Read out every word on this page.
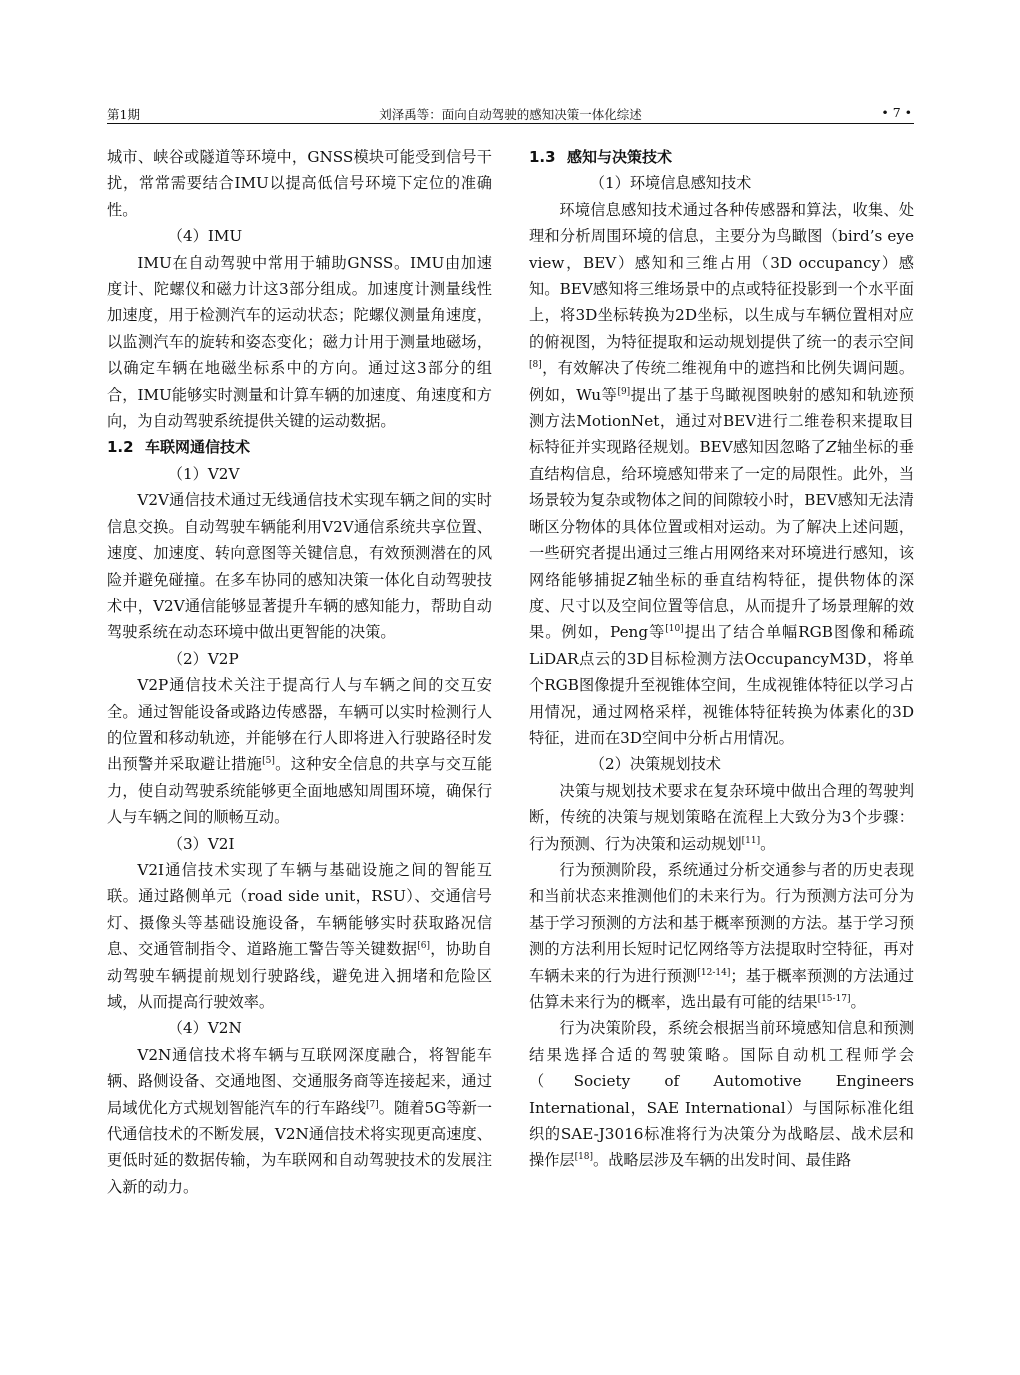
第1期	刘泽禹等：面向自动驾驶的感知决策一体化综述	• 7 •

城市、峡谷或隧道等环境中，GNSS模块可能受到信号干扰，常常需要结合IMU以提高低信号环境下定位的准确性。

（4）IMU

IMU在自动驾驶中常用于辅助GNSS。IMU由加速度计、陀螺仪和磁力计这3部分组成。加速度计测量线性加速度，用于检测汽车的运动状态；陀螺仪测量角速度，以监测汽车的旋转和姿态变化；磁力计用于测量地磁场，以确定车辆在地磁坐标系中的方向。通过这3部分的组合，IMU能够实时测量和计算车辆的加速度、角速度和方向，为自动驾驶系统提供关键的运动数据。

1.2 车联网通信技术

（1）V2V

V2V通信技术通过无线通信技术实现车辆之间的实时信息交换。自动驾驶车辆能利用V2V通信系统共享位置、速度、加速度、转向意图等关键信息，有效预测潜在的风险并避免碰撞。在多车协同的感知决策一体化自动驾驶技术中，V2V通信能够显著提升车辆的感知能力，帮助自动驾驶系统在动态环境中做出更智能的决策。

（2）V2P

V2P通信技术关注于提高行人与车辆之间的交互安全。通过智能设备或路边传感器，车辆可以实时检测行人的位置和移动轨迹，并能够在行人即将进入行驶路径时发出预警并采取避让措施[5]。这种安全信息的共享与交互能力，使自动驾驶系统能够更全面地感知周围环境，确保行人与车辆之间的顺畅互动。

（3）V2I

V2I通信技术实现了车辆与基础设施之间的智能互联。通过路侧单元（road side unit，RSU）、交通信号灯、摄像头等基础设施设备，车辆能够实时获取路况信息、交通管制指令、道路施工警告等关键数据[6]，协助自动驾驶车辆提前规划行驶路线，避免进入拥堵和危险区域，从而提高行驶效率。

（4）V2N

V2N通信技术将车辆与互联网深度融合，将智能车辆、路侧设备、交通地图、交通服务商等连接起来，通过局域优化方式规划智能汽车的行车路线[7]。随着5G等新一代通信技术的不断发展，V2N通信技术将实现更高速度、更低时延的数据传输，为车联网和自动驾驶技术的发展注入新的动力。

1.3 感知与决策技术

（1）环境信息感知技术

环境信息感知技术通过各种传感器和算法，收集、处理和分析周围环境的信息，主要分为鸟瞰图（bird’s eye view，BEV）感知和三维占用（3D occupancy）感知。BEV感知将三维场景中的点或特征投影到一个水平面上，将3D坐标转换为2D坐标，以生成与车辆位置相对应的俯视图，为特征提取和运动规划提供了统一的表示空间[8]，有效解决了传统二维视角中的遮挡和比例失调问题。例如，Wu等[9]提出了基于鸟瞰视图映射的感知和轨迹预测方法MotionNet，通过对BEV进行二维卷积来提取目标特征并实现路径规划。BEV感知因忽略了Z轴坐标的垂直结构信息，给环境感知带来了一定的局限性。此外，当场景较为复杂或物体之间的间隙较小时，BEV感知无法清晰区分物体的具体位置或相对运动。为了解决上述问题，一些研究者提出通过三维占用网络来对环境进行感知，该网络能够捕捉Z轴坐标的垂直结构特征，提供物体的深度、尺寸以及空间位置等信息，从而提升了场景理解的效果。例如，Peng等[10]提出了结合单幅RGB图像和稀疏LiDAR点云的3D目标检测方法OccupancyM3D，将单个RGB图像提升至视锥体空间，生成视锥体特征以学习占用情况，通过网格采样，视锥体特征转换为体素化的3D特征，进而在3D空间中分析占用情况。

（2）决策规划技术

决策与规划技术要求在复杂环境中做出合理的驾驶判断，传统的决策与规划策略在流程上大致分为3个步骤：行为预测、行为决策和运动规划[11]。

行为预测阶段，系统通过分析交通参与者的历史表现和当前状态来推测他们的未来行为。行为预测方法可分为基于学习预测的方法和基于概率预测的方法。基于学习预测的方法利用长短时记忆网络等方法提取时空特征，再对车辆未来的行为进行预测[12-14]；基于概率预测的方法通过估算未来行为的概率，选出最有可能的结果[15-17]。

行为决策阶段，系统会根据当前环境感知信息和预测结果选择合适的驾驶策略。国际自动机工程师学会（Society of Automotive Engineers International，SAE International）与国际标准化组织的SAE-J3016标准将行为决策分为战略层、战术层和操作层[18]。战略层涉及车辆的出发时间、最佳路
